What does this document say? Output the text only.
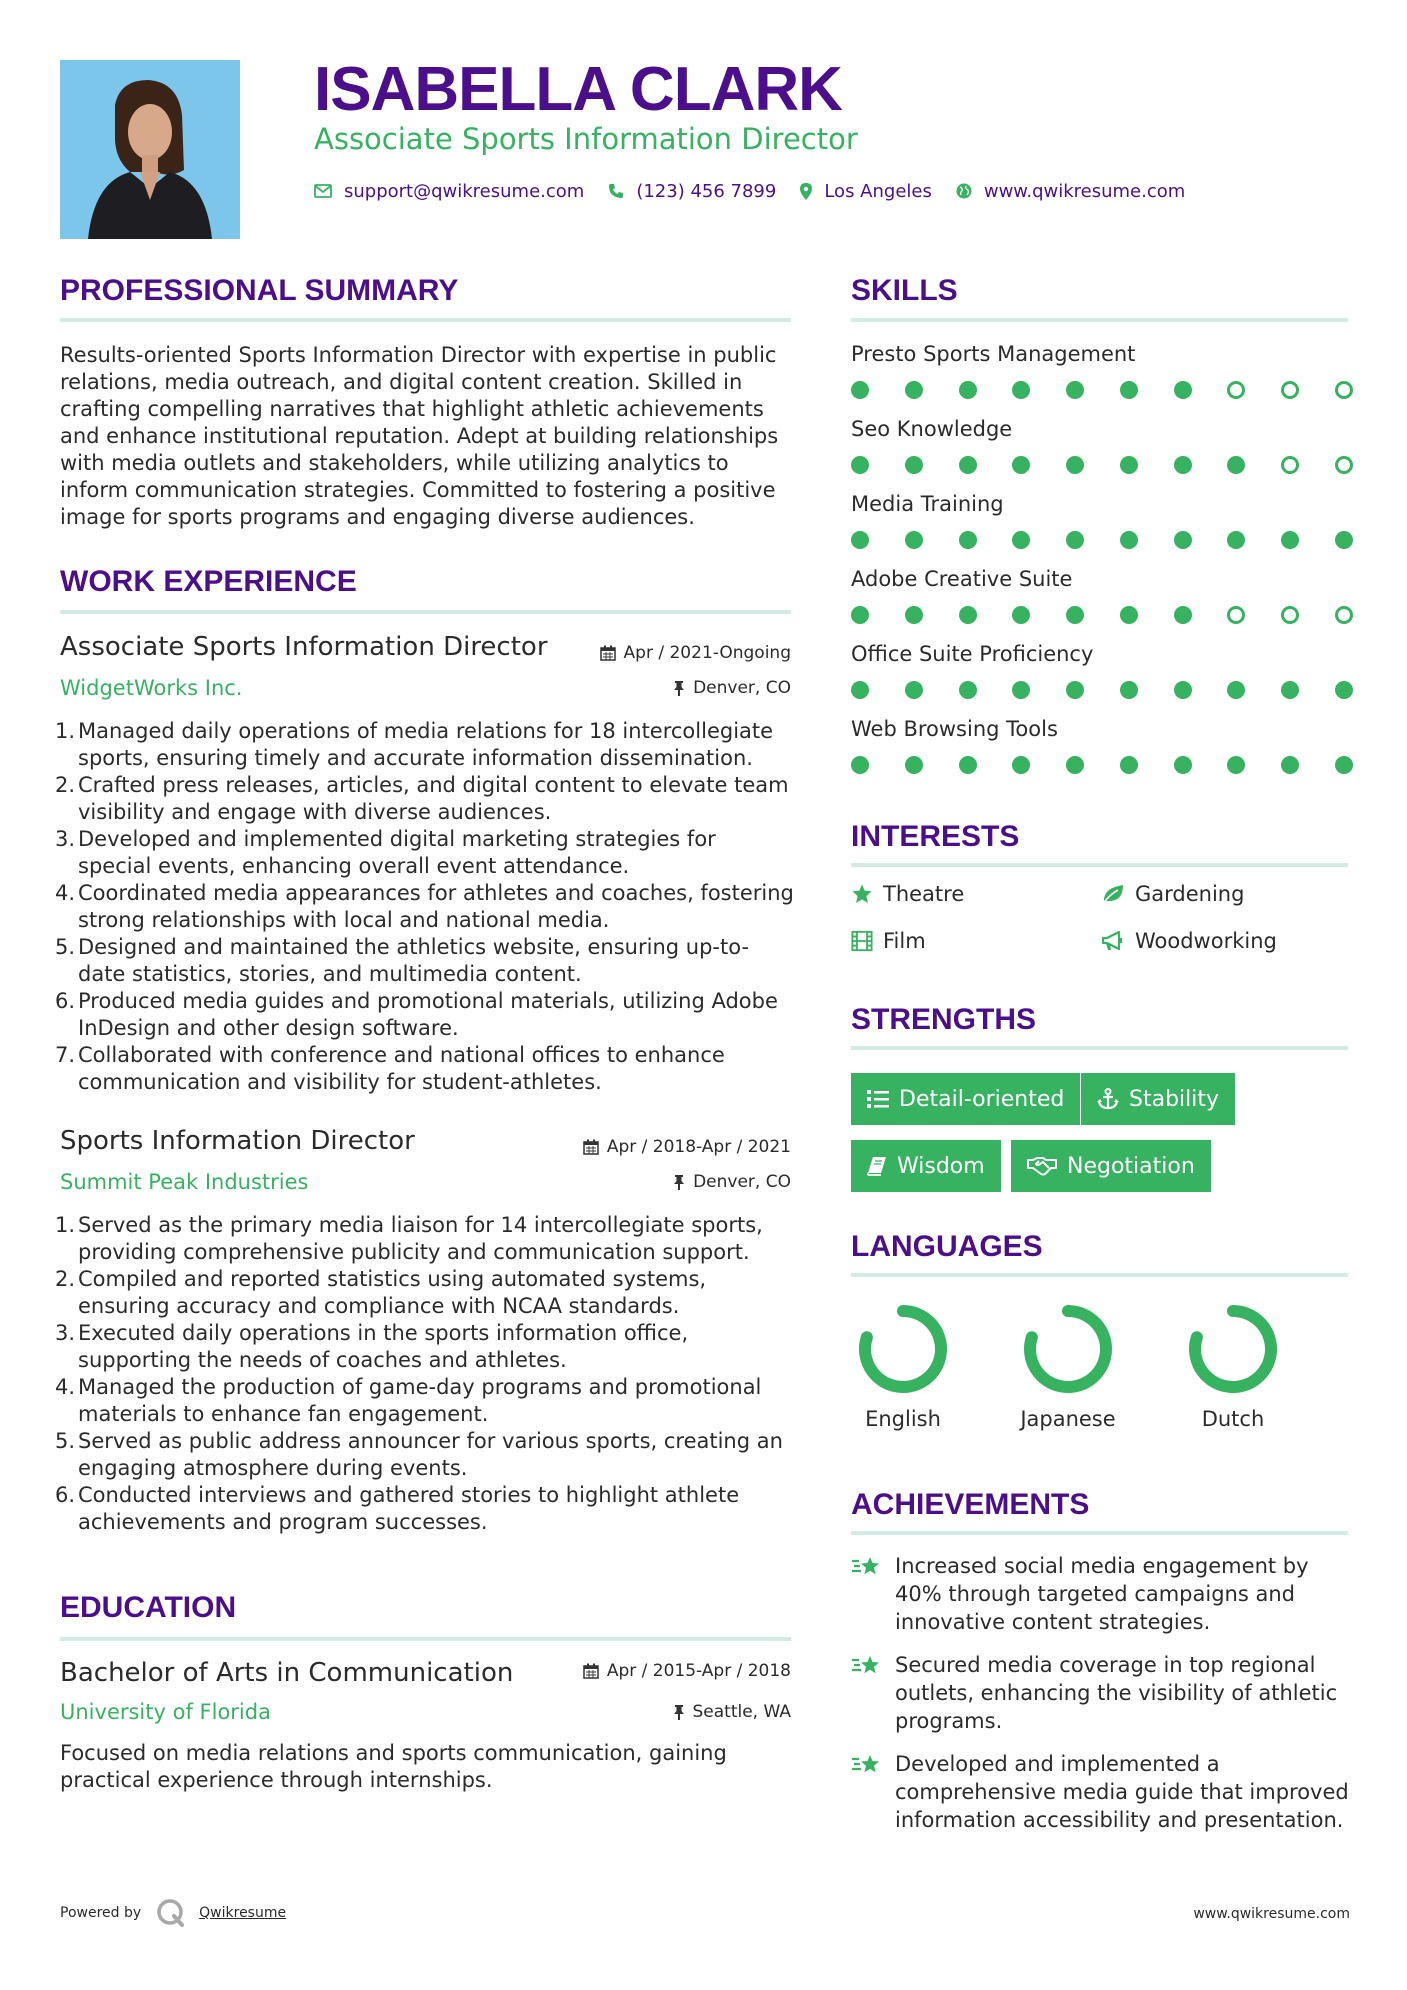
ISABELLA CLARK
Associate Sports Information Director
support@qwikresume.com	(123) 456 7899	Los Angeles	www.qwikresume.com
PROFESSIONAL SUMMARY
Results-oriented Sports Information Director with expertise in public relations, media outreach, and digital content creation. Skilled in crafting compelling narratives that highlight athletic achievements and enhance institutional reputation. Adept at building relationships with media outlets and stakeholders, while utilizing analytics to inform communication strategies. Committed to fostering a positive image for sports programs and engaging diverse audiences.
WORK EXPERIENCE
Associate Sports Information Director	Apr / 2021-Ongoing
WidgetWorks Inc.	Denver, CO
1. Managed daily operations of media relations for 18 intercollegiate sports, ensuring timely and accurate information dissemination.
2. Crafted press releases, articles, and digital content to elevate team visibility and engage with diverse audiences.
3. Developed and implemented digital marketing strategies for special events, enhancing overall event attendance.
4. Coordinated media appearances for athletes and coaches, fostering strong relationships with local and national media.
5. Designed and maintained the athletics website, ensuring up-to-date statistics, stories, and multimedia content.
6. Produced media guides and promotional materials, utilizing Adobe InDesign and other design software.
7. Collaborated with conference and national offices to enhance communication and visibility for student-athletes.
Sports Information Director	Apr / 2018-Apr / 2021
Summit Peak Industries	Denver, CO
1. Served as the primary media liaison for 14 intercollegiate sports, providing comprehensive publicity and communication support.
2. Compiled and reported statistics using automated systems, ensuring accuracy and compliance with NCAA standards.
3. Executed daily operations in the sports information office, supporting the needs of coaches and athletes.
4. Managed the production of game-day programs and promotional materials to enhance fan engagement.
5. Served as public address announcer for various sports, creating an engaging atmosphere during events.
6. Conducted interviews and gathered stories to highlight athlete achievements and program successes.
EDUCATION
Bachelor of Arts in Communication	Apr / 2015-Apr / 2018
University of Florida	Seattle, WA
Focused on media relations and sports communication, gaining practical experience through internships.
SKILLS
Presto Sports Management
Seo Knowledge
Media Training
Adobe Creative Suite
Office Suite Proficiency
Web Browsing Tools
INTERESTS
Theatre	Gardening
Film	Woodworking
STRENGTHS
Detail-oriented	Stability
Wisdom	Negotiation
LANGUAGES
English	Japanese	Dutch
ACHIEVEMENTS
Increased social media engagement by 40% through targeted campaigns and innovative content strategies.
Secured media coverage in top regional outlets, enhancing the visibility of athletic programs.
Developed and implemented a comprehensive media guide that improved information accessibility and presentation.
Powered by	Qwikresume	www.qwikresume.com
